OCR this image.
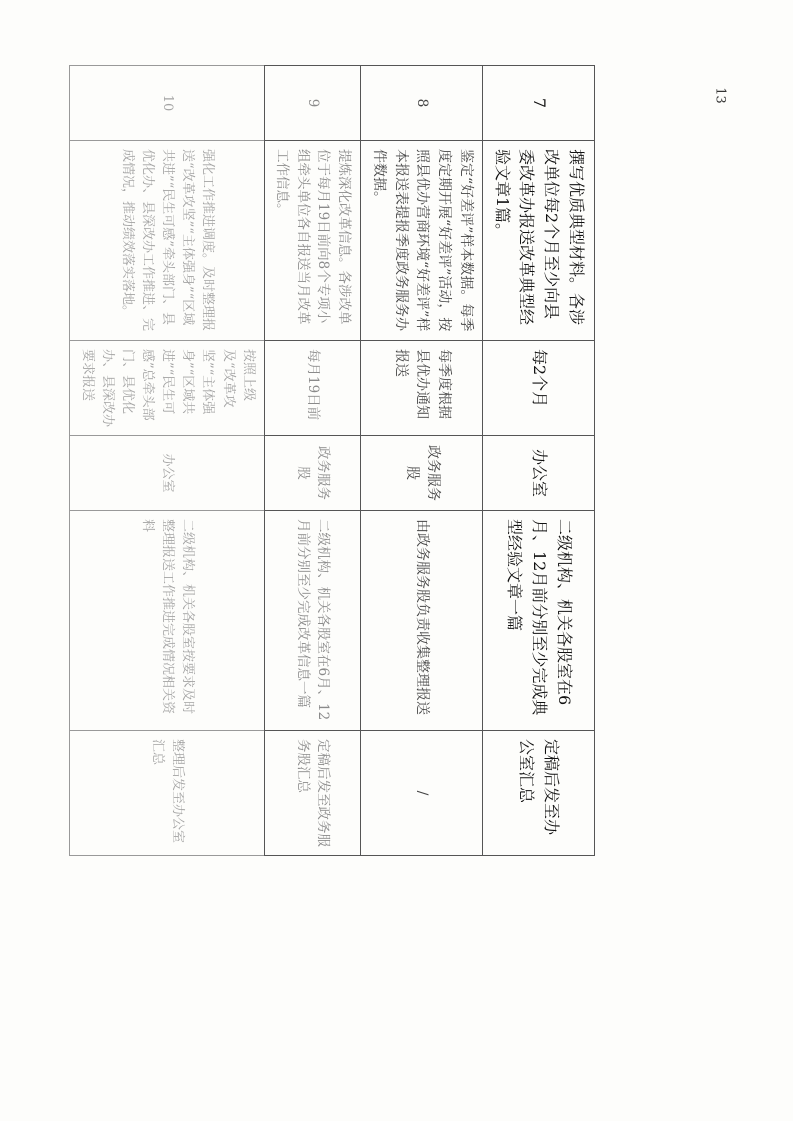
13
7	撰写优质典型材料。各涉改单位每2个月至少向县委改革办报送改革典型经验文章1篇。	每2个月	办公室	二级机构、机关各股室在6月、12月前分别至少完成典型经验文章一篇	定稿后发至办公室汇总
8	鉴定“好差评”样本数据。每季度定期开展“好差评”活动，按照县优办营商环境“好差评”样本报送表提报季度政务服务办件数据。	每季度根据县优办通知报送	政务服务股	由政务服务股负责收集整理报送	/
9	提炼深化改革信息。各涉改单位于每月19日前向8个专项小组牵头单位各自报送当月改革工作信息。	每月19日前	政务服务股	二级机构、机关各股室在6月、12月前分别至少完成改革信息一篇	定稿后发至政务服务股汇总
10	强化工作推进调度。及时整理报送“改革攻坚”“主体强身”“区域共进”“民生可感”牵头部门、县优化办、县深改办工作推进、完成情况，推动绩效落实落地。	按照上级及“改革攻坚”“主体强身”“区域共进”“民生可感”总牵头部门、县优化办、县深改办要求报送	办公室	二级机构、机关各股室按要求及时整理报送工作推进完成情况相关资料	整理后发至办公室汇总
